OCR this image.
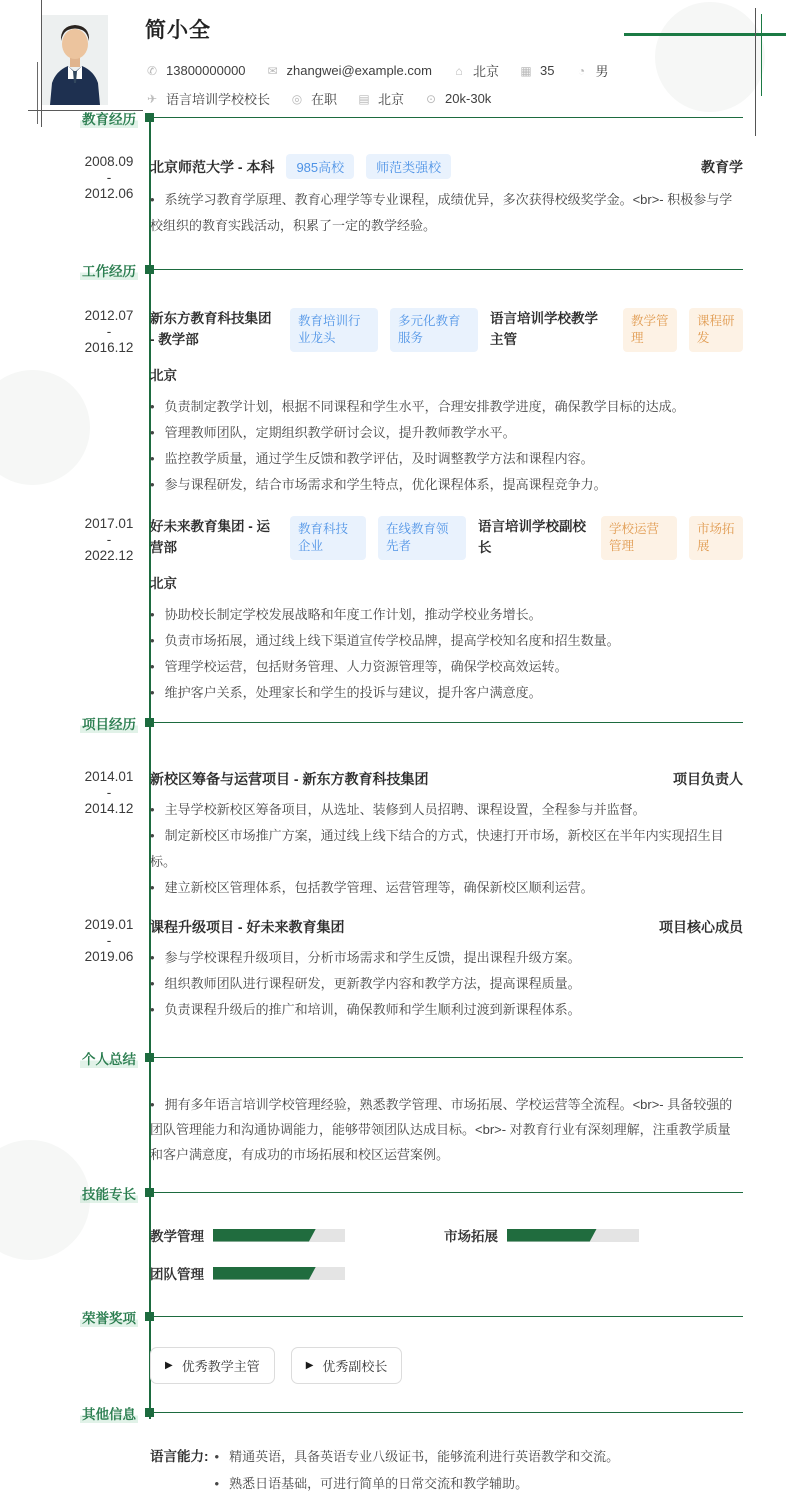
简小全
✆ 13800000000 ✉ zhangwei@example.com ⌂ 北京 ▦ 35 ◔ 男
✈ 语言培训学校校长 ◎ 在职 ▤ 北京 ⊙ 20k-30k
教育经历
2008.09
-
2012.06
北京师范大学 - 本科	985高校	师范类强校	教育学
• 系统学习教育学原理、教育心理学等专业课程，成绩优异，多次获得校级奖学金。<br>- 积极参与学校组织的教育实践活动，积累了一定的教学经验。
工作经历
2012.07
-
2016.12
新东方教育科技集团 - 教学部
教育培训行业龙头
多元化教育服务
语言培训学校教学主管
教学管理
课程研发
北京
• 负责制定教学计划，根据不同课程和学生水平，合理安排教学进度，确保教学目标的达成。
• 管理教师团队，定期组织教学研讨会议，提升教师教学水平。
• 监控教学质量，通过学生反馈和教学评估，及时调整教学方法和课程内容。
• 参与课程研发，结合市场需求和学生特点，优化课程体系，提高课程竞争力。
2017.01
-
2022.12
好未来教育集团 - 运营部
教育科技企业
在线教育领先者
语言培训学校副校长
学校运营管理
市场拓展
北京
• 协助校长制定学校发展战略和年度工作计划，推动学校业务增长。
• 负责市场拓展，通过线上线下渠道宣传学校品牌，提高学校知名度和招生数量。
• 管理学校运营，包括财务管理、人力资源管理等，确保学校高效运转。
• 维护客户关系，处理家长和学生的投诉与建议，提升客户满意度。
项目经历
2014.01
-
2014.12
新校区筹备与运营项目 - 新东方教育科技集团	项目负责人
• 主导学校新校区筹备项目，从选址、装修到人员招聘、课程设置，全程参与并监督。
• 制定新校区市场推广方案，通过线上线下结合的方式，快速打开市场，新校区在半年内实现招生目标。
• 建立新校区管理体系，包括教学管理、运营管理等，确保新校区顺利运营。
2019.01
-
2019.06
课程升级项目 - 好未来教育集团	项目核心成员
• 参与学校课程升级项目，分析市场需求和学生反馈，提出课程升级方案。
• 组织教师团队进行课程研发，更新教学内容和教学方法，提高课程质量。
• 负责课程升级后的推广和培训，确保教师和学生顺利过渡到新课程体系。
个人总结
• 拥有多年语言培训学校管理经验，熟悉教学管理、市场拓展、学校运营等全流程。<br>- 具备较强的团队管理能力和沟通协调能力，能够带领团队达成目标。<br>- 对教育行业有深刻理解，注重教学质量和客户满意度，有成功的市场拓展和校区运营案例。
技能专长
教学管理	市场拓展
团队管理
荣誉奖项
▶ 优秀教学主管	▶ 优秀副校长
其他信息
语言能力:	• 精通英语，具备英语专业八级证书，能够流利进行英语教学和交流。
• 熟悉日语基础，可进行简单的日常交流和教学辅助。
